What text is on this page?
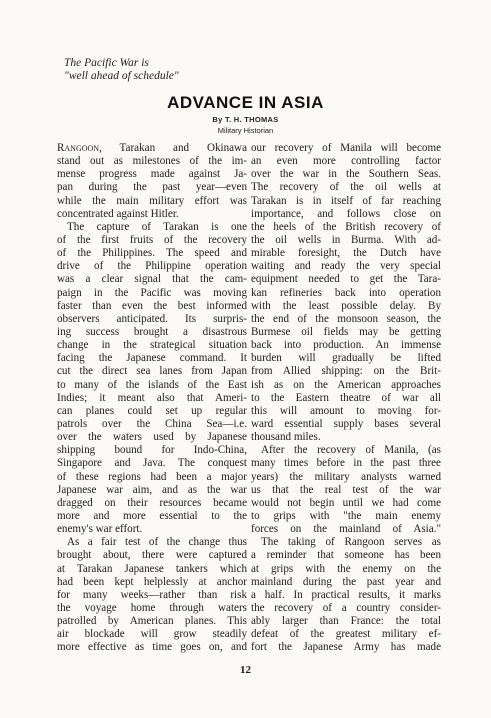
The Pacific War is
"well ahead of schedule"
ADVANCE IN ASIA
By T. H. THOMAS
Military Historian
Rangoon, Tarakan and Okinawa
stand out as milestones of the im-
mense progress made against Ja-
pan during the past year—even
while the main military effort was
concentrated against Hitler.
The capture of Tarakan is one
of the first fruits of the recovery
of the Philippines. The speed and
drive of the Philippine operation
was a clear signal that the cam-
paign in the Pacific was moving
faster than even the best informed
observers anticipated. Its surpris-
ing success brought a disastrous
change in the strategical situation
facing the Japanese command. It
cut the direct sea lanes from Japan
to many of the islands of the East
Indies; it meant also that Ameri-
can planes could set up regular
patrols over the China Sea—i.e.
over the waters used by Japanese
shipping bound for Indo-China,
Singapore and Java. The conquest
of these regions had been a major
Japanese war aim, and as the war
dragged on their resources became
more and more essential to the
enemy's war effort.
As a fair test of the change thus
brought about, there were captured
at Tarakan Japanese tankers which
had been kept helplessly at anchor
for many weeks—rather than risk
the voyage home through waters
patrolled by American planes. This
air blockade will grow steadily
more effective as time goes on, and
our recovery of Manila will become
an even more controlling factor
over the war in the Southern Seas.
The recovery of the oil wells at
Tarakan is in itself of far reaching
importance, and follows close on
the heels of the British recovery of
the oil wells in Burma. With ad-
mirable foresight, the Dutch have
waiting and ready the very special
equipment needed to get the Tara-
kan refineries back into operation
with the least possible delay. By
the end of the monsoon season, the
Burmese oil fields may be getting
back into production. An immense
burden will gradually be lifted
from Allied shipping: on the Brit-
ish as on the American approaches
to the Eastern theatre of war all
this will amount to moving for-
ward essential supply bases several
thousand miles.
After the recovery of Manila, (as
many times before in the past three
years) the military analysts warned
us that the real test of the war
would not begin until we had come
to grips with "the main enemy
forces on the mainland of Asia."
The taking of Rangoon serves as
a reminder that someone has been
at grips with the enemy on the
mainland during the past year and
a half. In practical results, it marks
the recovery of a country consider-
ably larger than France: the total
defeat of the greatest military ef-
fort the Japanese Army has made
12
